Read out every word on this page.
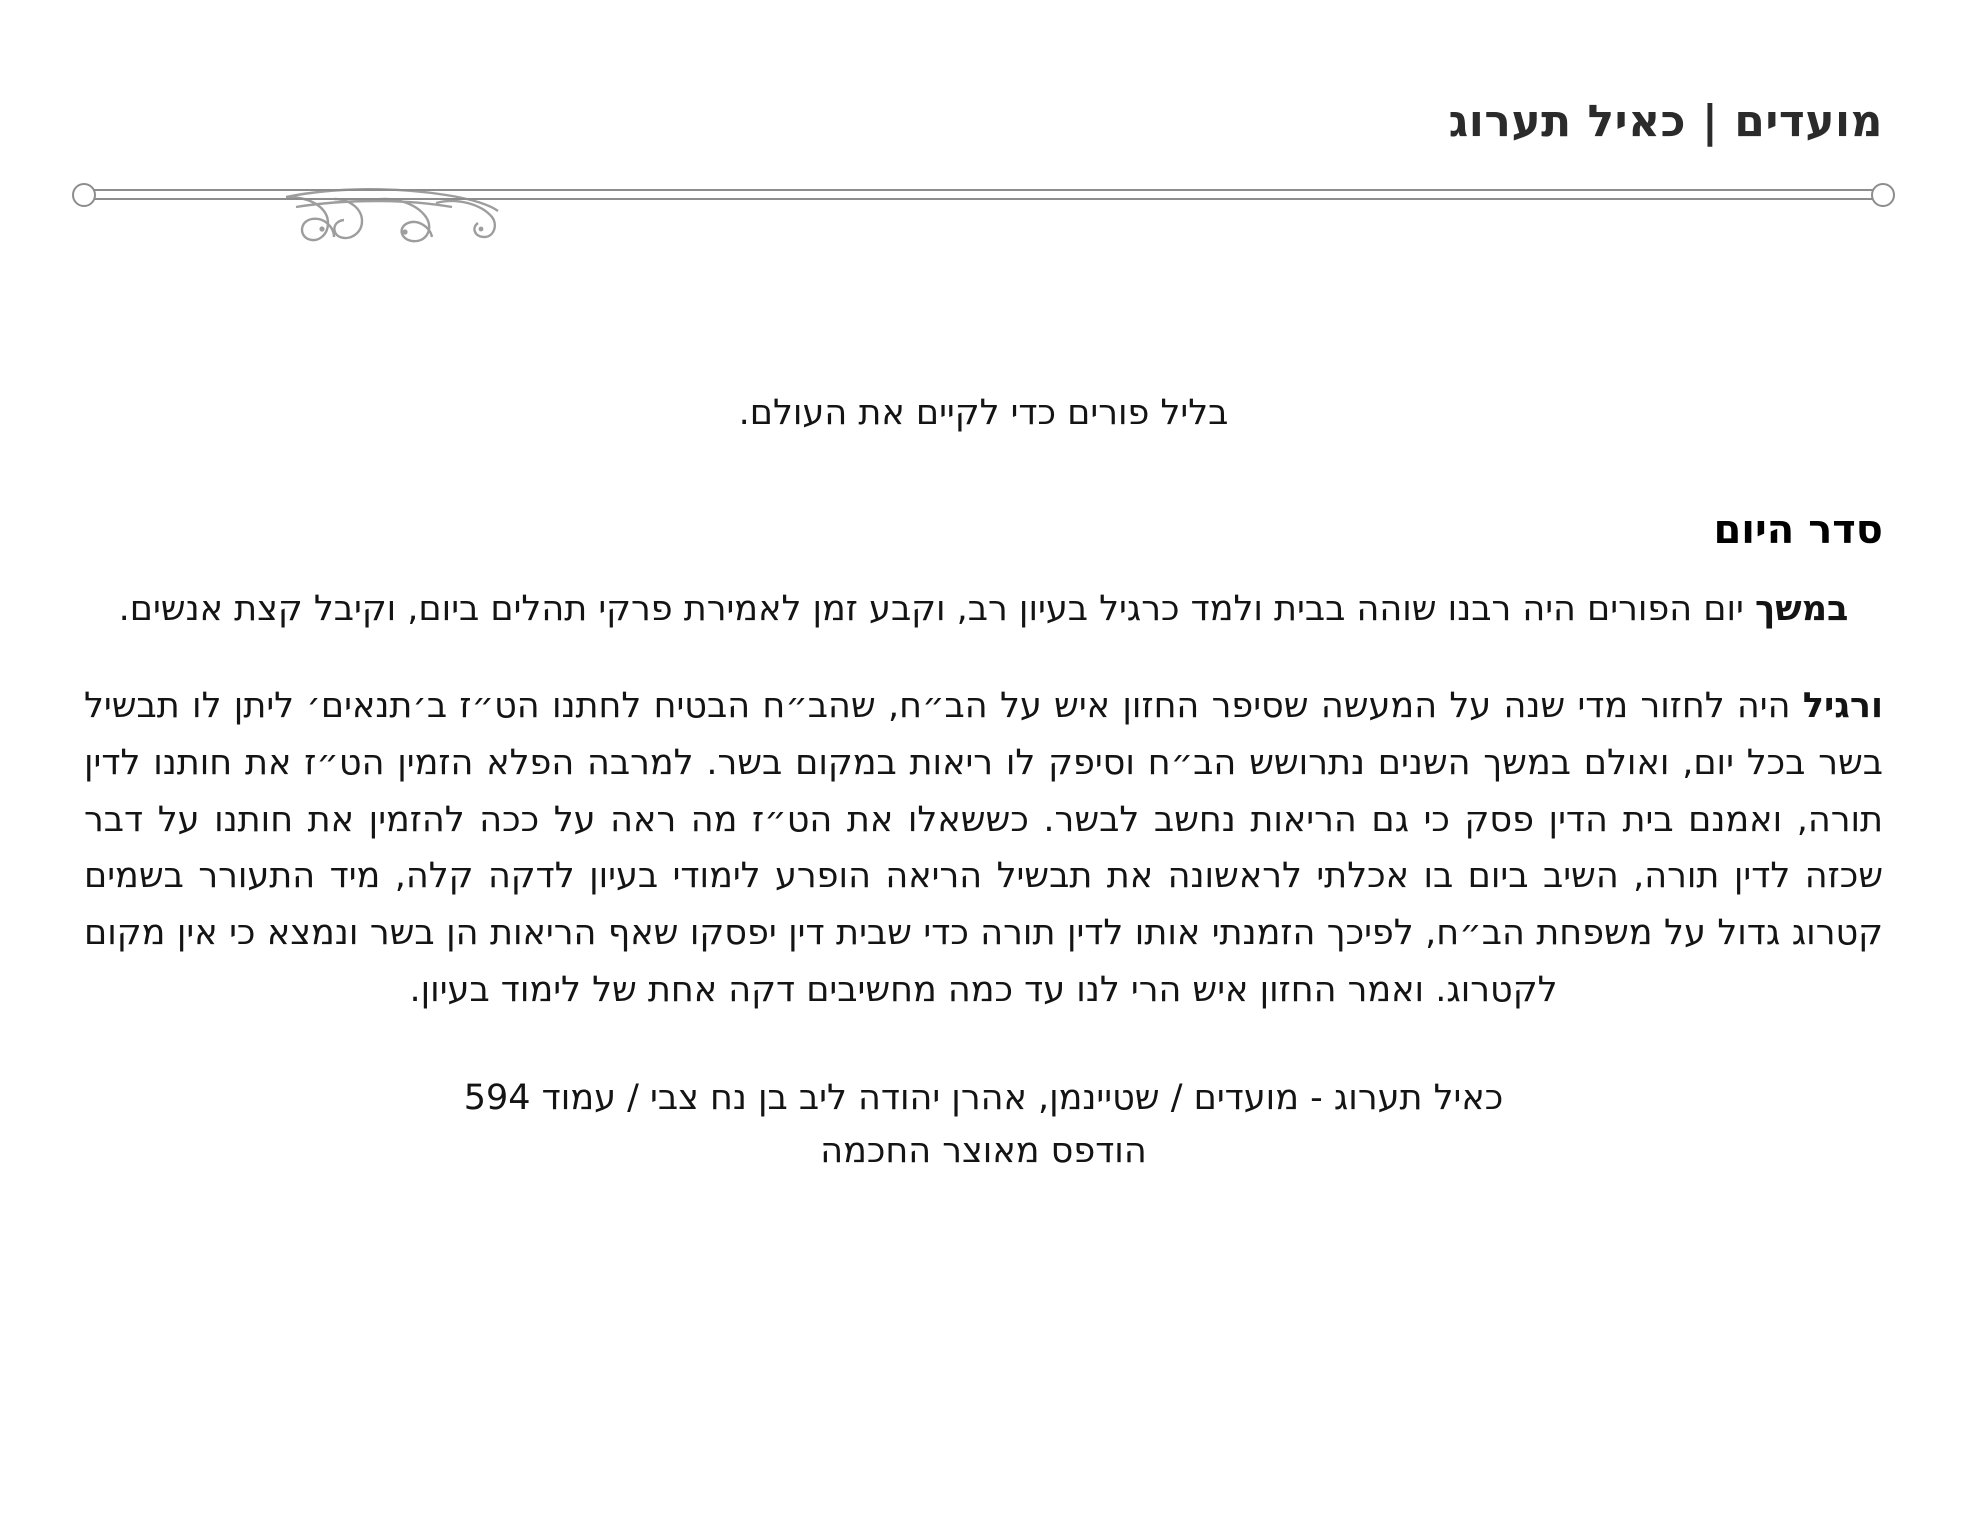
מועדים | כאיל תערוג

בליל פורים כדי לקיים את העולם.

סדר היום

במשך יום הפורים היה רבנו שוהה בבית ולמד כרגיל בעיון רב, וקבע זמן לאמירת פרקי תהלים ביום, וקיבל קצת אנשים.

ורגיל היה לחזור מדי שנה על המעשה שסיפר החזון איש על הב״ח, שהב״ח הבטיח לחתנו הט״ז ב׳תנאים׳ ליתן לו תבשיל בשר בכל יום, ואולם במשך השנים נתרושש הב״ח וסיפק לו ריאות במקום בשר. למרבה הפלא הזמין הט״ז את חותנו לדין תורה, ואמנם בית הדין פסק כי גם הריאות נחשב לבשר. כששאלו את הט״ז מה ראה על ככה להזמין את חותנו על דבר שכזה לדין תורה, השיב ביום בו אכלתי לראשונה את תבשיל הריאה הופרע לימודי בעיון לדקה קלה, מיד התעורר בשמים קטרוג גדול על משפחת הב״ח, לפיכך הזמנתי אותו לדין תורה כדי שבית דין יפסקו שאף הריאות הן בשר ונמצא כי אין מקום לקטרוג. ואמר החזון איש הרי לנו עד כמה מחשיבים דקה אחת של לימוד בעיון.

כאיל תערוג - מועדים / שטיינמן, אהרן יהודה ליב בן נח צבי / עמוד 594
הודפס מאוצר החכמה
